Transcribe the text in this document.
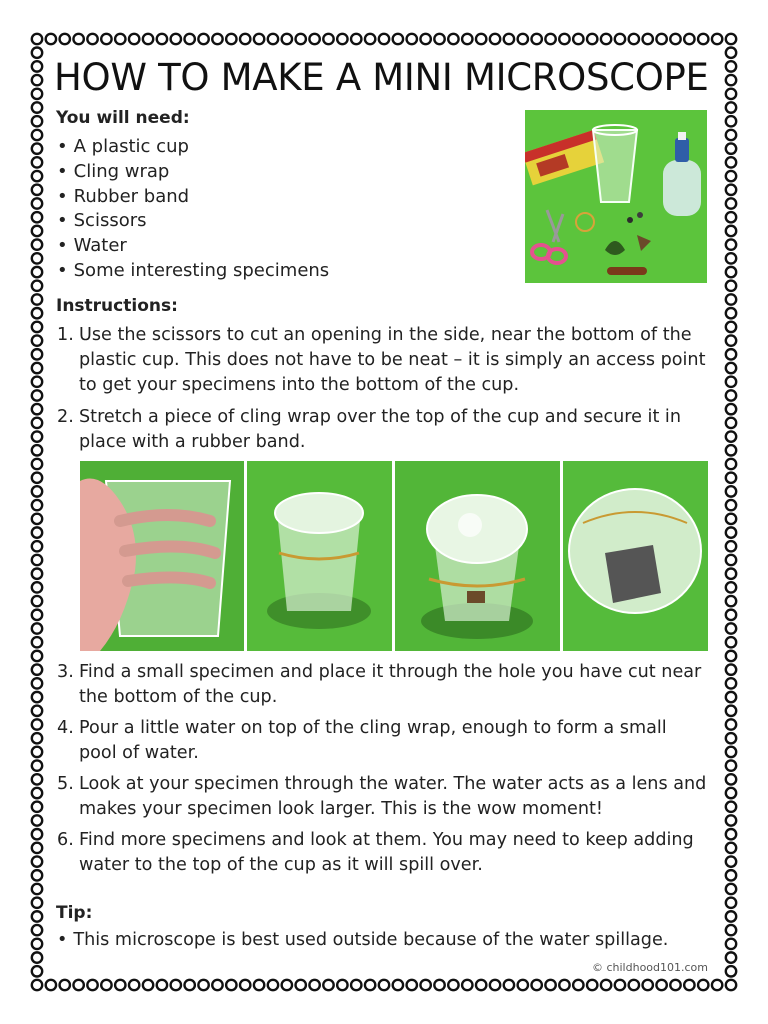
HOW TO MAKE A MINI MICROSCOPE

You will need:

• A plastic cup
• Cling wrap
• Rubber band
• Scissors
• Water
• Some interesting specimens

Instructions:

1. Use the scissors to cut an opening in the side, near the bottom of the plastic cup. This does not have to be neat – it is simply an access point to get your specimens into the bottom of the cup.
2. Stretch a piece of cling wrap over the top of the cup and secure it in place with a rubber band.
3. Find a small specimen and place it through the hole you have cut near the bottom of the cup.
4. Pour a little water on top of the cling wrap, enough to form a small pool of water.
5. Look at your specimen through the water. The water acts as a lens and makes your specimen look larger. This is the wow moment!
6. Find more specimens and look at them. You may need to keep adding water to the top of the cup as it will spill over.

Tip:

• This microscope is best used outside because of the water spillage.

© childhood101.com
